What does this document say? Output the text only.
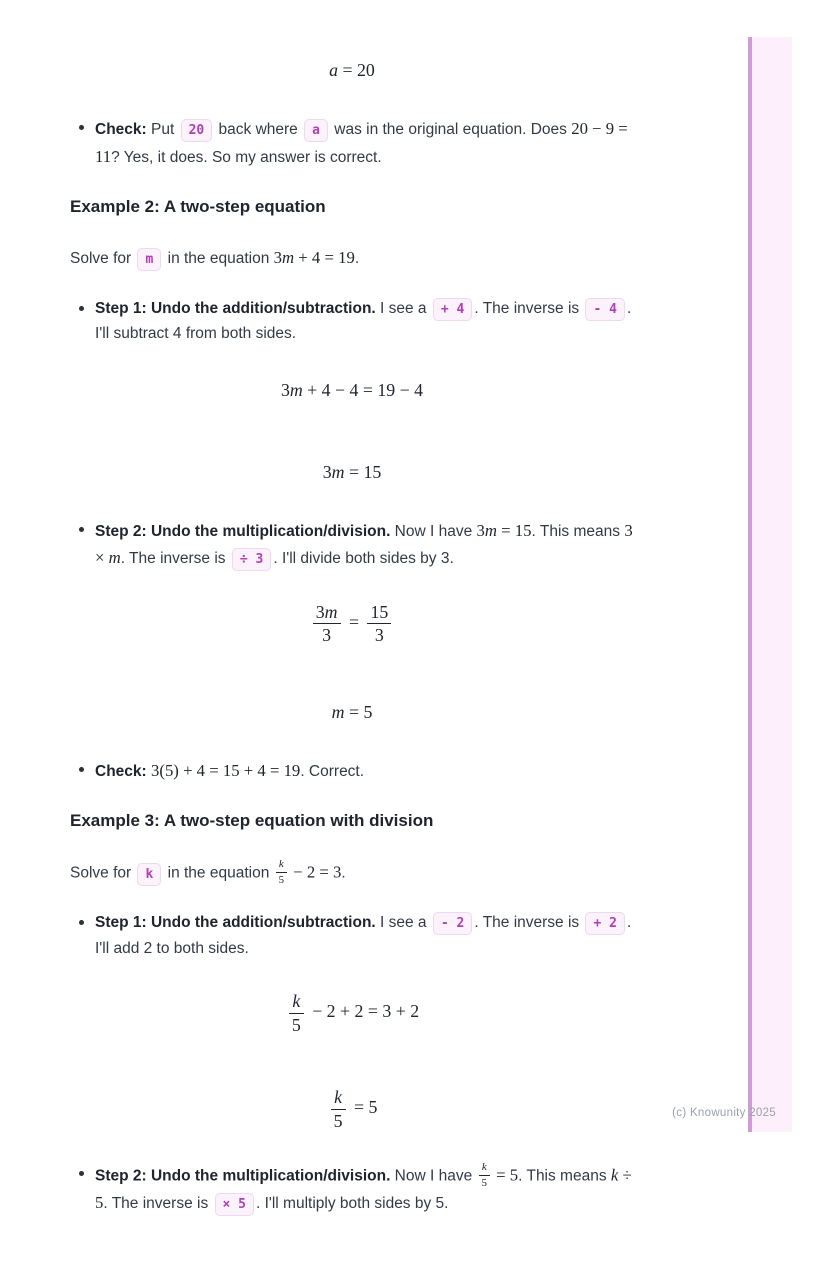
a = 20
Check: Put 20 back where a was in the original equation. Does 20 − 9 = 11? Yes, it does. So my answer is correct.
Example 2: A two-step equation
Solve for m in the equation 3m + 4 = 19.
Step 1: Undo the addition/subtraction. I see a + 4 . The inverse is - 4 . I'll subtract 4 from both sides.
3m + 4 − 4 = 19 − 4
3m = 15
Step 2: Undo the multiplication/division. Now I have 3m = 15. This means 3 × m. The inverse is ÷ 3 . I'll divide both sides by 3.
$\frac{3m}{3} = \frac{15}{3}$
m = 5
Check: 3(5) + 4 = 15 + 4 = 19. Correct.
Example 3: A two-step equation with division
Solve for k in the equation $\frac{k}{5} - 2 = 3$.
Step 1: Undo the addition/subtraction. I see a - 2 . The inverse is + 2 . I'll add 2 to both sides.
$\frac{k}{5} - 2 + 2 = 3 + 2$
$\frac{k}{5} = 5$
Step 2: Undo the multiplication/division. Now I have $\frac{k}{5} = 5$. This means k ÷ 5. The inverse is × 5 . I'll multiply both sides by 5.
(c) Knowunity 2025
